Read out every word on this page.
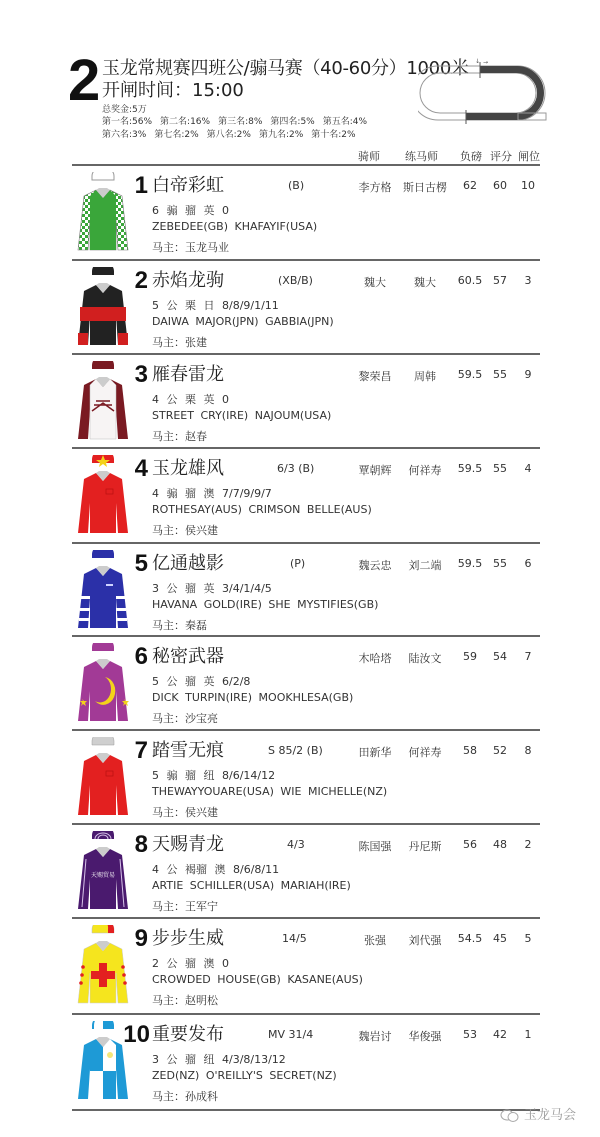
2 玉龙常规赛四班公/骟马赛（40-60分）1000米
开闸时间：15:00
总奖金:5万
第一名:56% 第二名:16% 第三名:8% 第四名:5% 第五名:4%
第六名:3% 第七名:2% 第八名:2% 第九名:2% 第十名:2%
↓ →
骑师 练马师 负磅 评分 闸位
1 白帝彩虹	(B)	李方格	斯日古楞	62	60	10
6 骟 骝 英 0
ZEBEDEE(GB) KHAFAYIF(USA)
马主：玉龙马业
2 赤焰龙驹	(XB/B)	魏大	魏大	60.5 57	3
5 公 栗 日 8/8/9/1/11
DAIWA MAJOR(JPN) GABBIA(JPN)
马主：张建
3 雁春雷龙	黎荣昌	周韩	59.5 55	9
4 公 栗 英 0
STREET CRY(IRE) NAJOUM(USA)
马主：赵春
4 玉龙雄风	6/3 (B)	覃朝辉	何祥寿	59.5 55	4
4 骟 骝 澳 7/7/9/9/7
ROTHESAY(AUS) CRIMSON BELLE(AUS)
马主：侯兴建
5 亿通越影	(P)	魏云忠	刘二端	59.5 55	6
3 公 骝 英 3/4/1/4/5
HAVANA GOLD(IRE) SHE MYSTIFIES(GB)
马主：秦磊
6 秘密武器	木哈塔	陆汝文	59	54	7
5 公 骝 英 6/2/8
DICK TURPIN(IRE) MOOKHLESA(GB)
马主：沙宝亮
7 踏雪无痕	S 85/2 (B)	田新华	何祥寿	58	52	8
5 骟 骝 纽 8/6/14/12
THEWAYYOUARE(USA) WIE MICHELLE(NZ)
马主：侯兴建
天赐贸易
8 天赐青龙	4/3	陈国强	丹尼斯	56	48	2
4 公 褐骝 澳 8/6/8/11
ARTIE SCHILLER(USA) MARIAH(IRE)
马主：王军宁
9 步步生威	14/5	张强	刘代强	54.5 45	5
2 公 骝 澳 0
CROWDED HOUSE(GB) KASANE(AUS)
马主：赵明松
10 重要发布	MV 31/4	魏岩讨	华俊强	53	42	1
3 公 骝 纽 4/3/8/13/12
ZED(NZ) O'REILLY'S SECRET(NZ)
马主：孙成科
玉龙马会
